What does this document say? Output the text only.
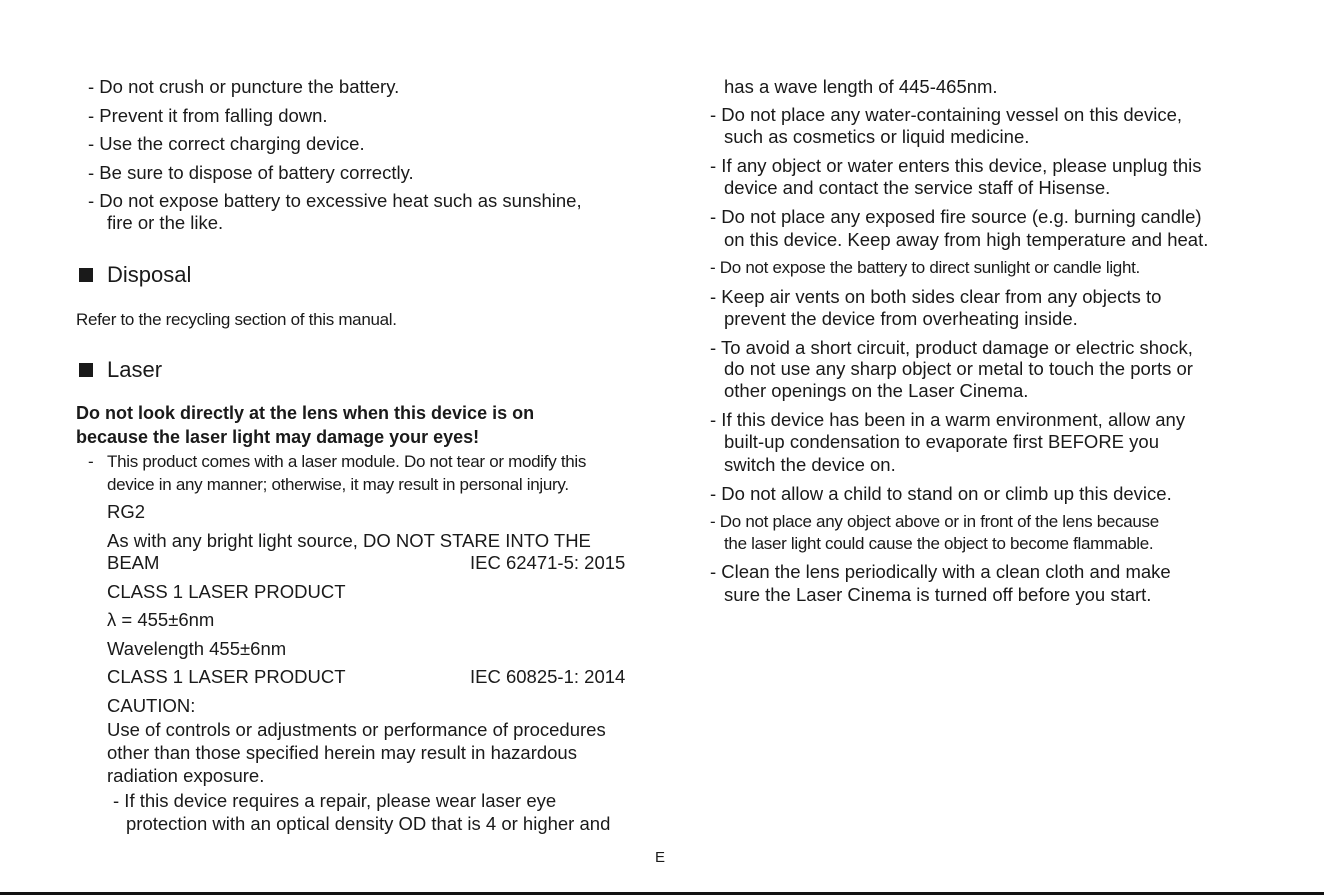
- Do not crush or puncture the battery.
- Prevent it from falling down.
- Use the correct charging device.
- Be sure to dispose of battery correctly.
- Do not expose battery to excessive heat such as sunshine,
fire or the like.
Disposal
Refer to the recycling section of this manual.
Laser
Do not look directly at the lens when this device is on
because the laser light may damage your eyes!
- This product comes with a laser module. Do not tear or modify this
device in any manner; otherwise, it may result in personal injury.
RG2
As with any bright light source, DO NOT STARE INTO THE
BEAM	IEC 62471-5: 2015
CLASS 1 LASER PRODUCT
λ = 455±6nm
Wavelength 455±6nm
CLASS 1 LASER PRODUCT	IEC 60825-1: 2014
CAUTION:
Use of controls or adjustments or performance of procedures
other than those specified herein may result in hazardous
radiation exposure.
- If this device requires a repair, please wear laser eye
protection with an optical density OD that is 4 or higher and
has a wave length of 445-465nm.
- Do not place any water-containing vessel on this device,
such as cosmetics or liquid medicine.
- If any object or water enters this device, please unplug this
device and contact the service staff of Hisense.
- Do not place any exposed fire source (e.g. burning candle)
on this device. Keep away from high temperature and heat.
- Do not expose the battery to direct sunlight or candle light.
- Keep air vents on both sides clear from any objects to
prevent the device from overheating inside.
- To avoid a short circuit, product damage or electric shock,
do not use any sharp object or metal to touch the ports or
other openings on the Laser Cinema.
- If this device has been in a warm environment, allow any
built-up condensation to evaporate first BEFORE you
switch the device on.
- Do not allow a child to stand on or climb up this device.
- Do not place any object above or in front of the lens because
the laser light could cause the object to become flammable.
- Clean the lens periodically with a clean cloth and make
sure the Laser Cinema is turned off before you start.
E
